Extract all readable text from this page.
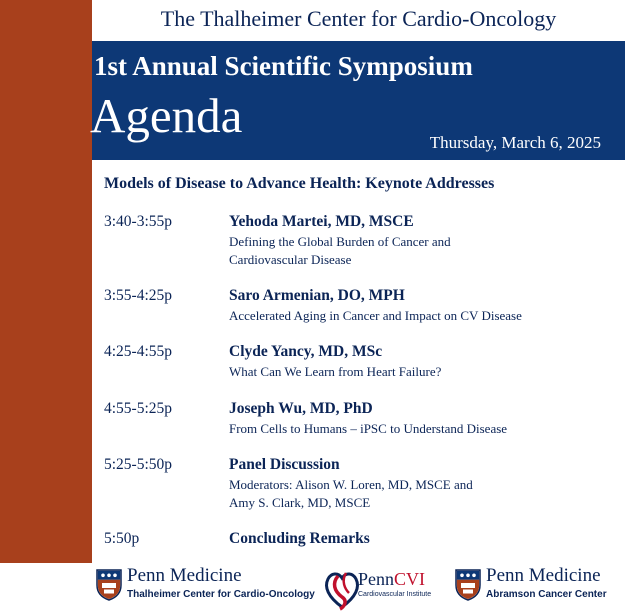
The Thalheimer Center for Cardio-Oncology
1st Annual Scientific Symposium
Agenda	Thursday, March 6, 2025
Models of Disease to Advance Health: Keynote Addresses
3:40-3:55p	Yehoda Martei, MD, MSCE
Defining the Global Burden of Cancer and
Cardiovascular Disease
3:55-4:25p	Saro Armenian, DO, MPH
Accelerated Aging in Cancer and Impact on CV Disease
4:25-4:55p	Clyde Yancy, MD, MSc
What Can We Learn from Heart Failure?
4:55-5:25p	Joseph Wu, MD, PhD
From Cells to Humans – iPSC to Understand Disease
5:25-5:50p	Panel Discussion
Moderators: Alison W. Loren, MD, MSCE and
Amy S. Clark, MD, MSCE
5:50p	Concluding Remarks
Penn Medicine
Thalheimer Center for Cardio-Oncology
PennCVI
Cardiovascular Institute
Penn Medicine
Abramson Cancer Center
